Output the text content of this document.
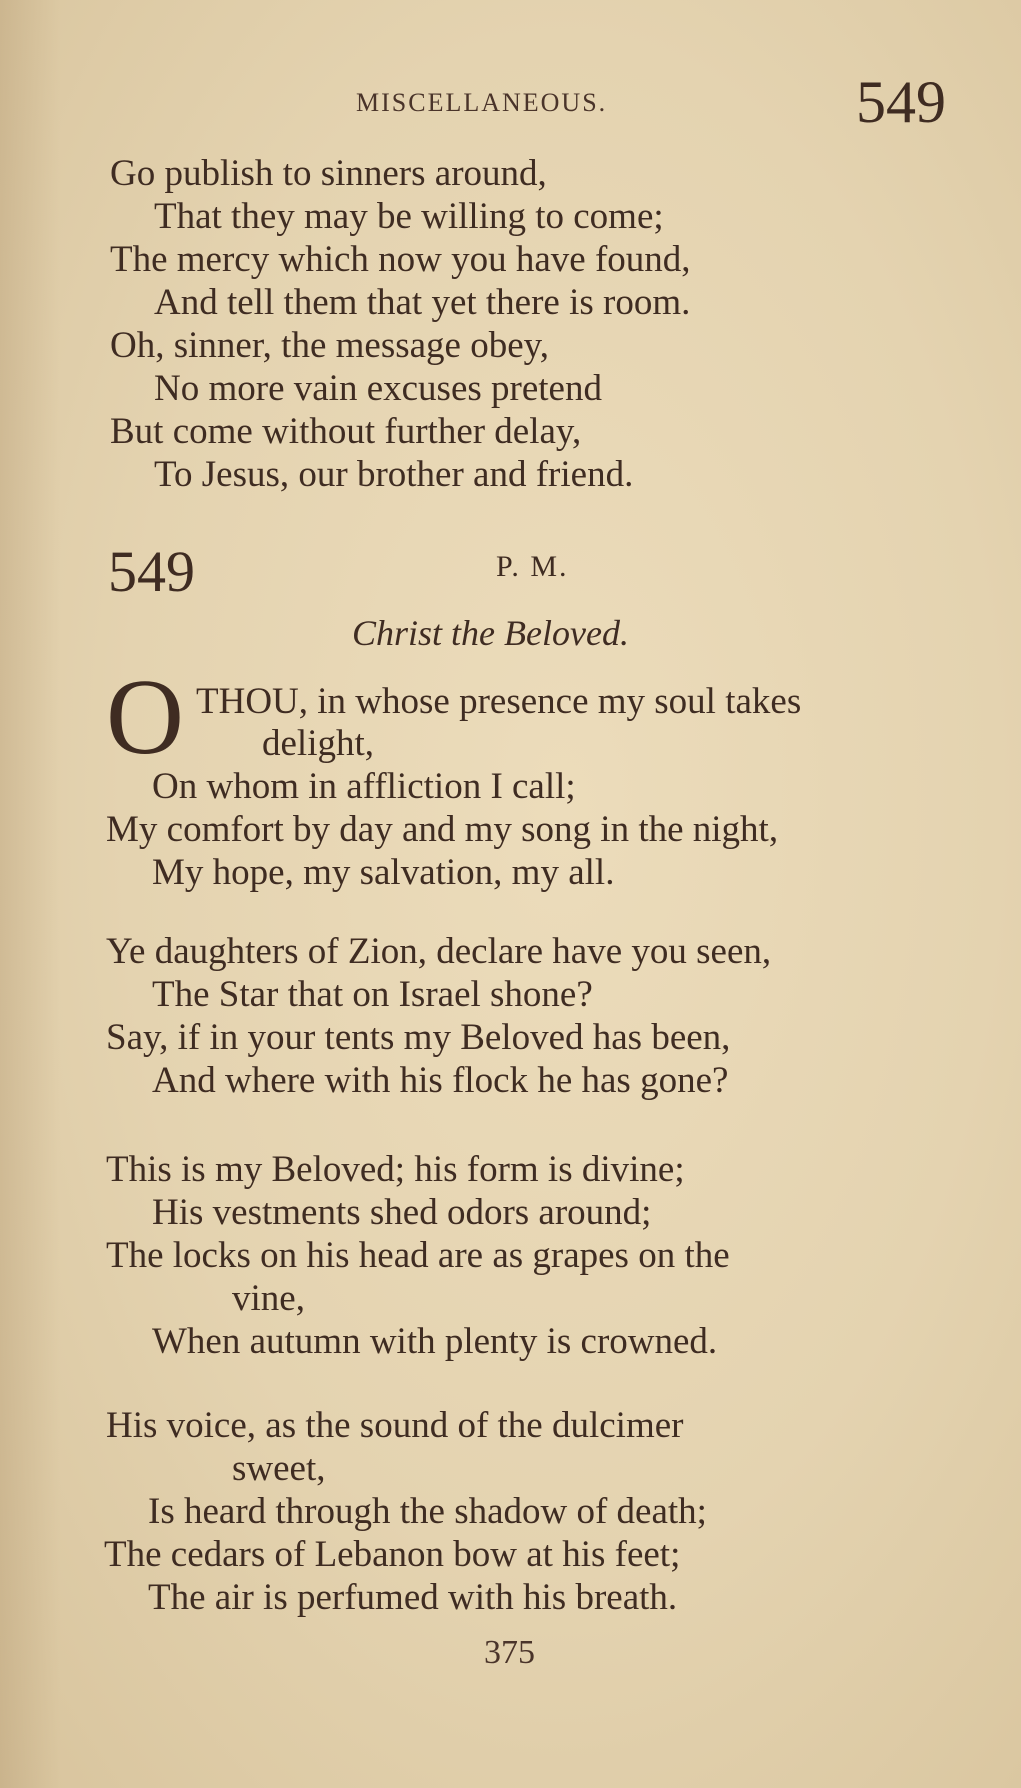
MISCELLANEOUS.	549
Go publish to sinners around,
That they may be willing to come;
The mercy which now you have found,
And tell them that yet there is room.
Oh, sinner, the message obey,
No more vain excuses pretend
But come without further delay,
To Jesus, our brother and friend.
549	P. M.
Christ the Beloved.
O THOU, in whose presence my soul takes
delight,
On whom in affliction I call;
My comfort by day and my song in the night,
My hope, my salvation, my all.
Ye daughters of Zion, declare have you seen,
The Star that on Israel shone?
Say, if in your tents my Beloved has been,
And where with his flock he has gone?
This is my Beloved; his form is divine;
His vestments shed odors around;
The locks on his head are as grapes on the
vine,
When autumn with plenty is crowned.
His voice, as the sound of the dulcimer
sweet,
Is heard through the shadow of death;
The cedars of Lebanon bow at his feet;
The air is perfumed with his breath.
375
